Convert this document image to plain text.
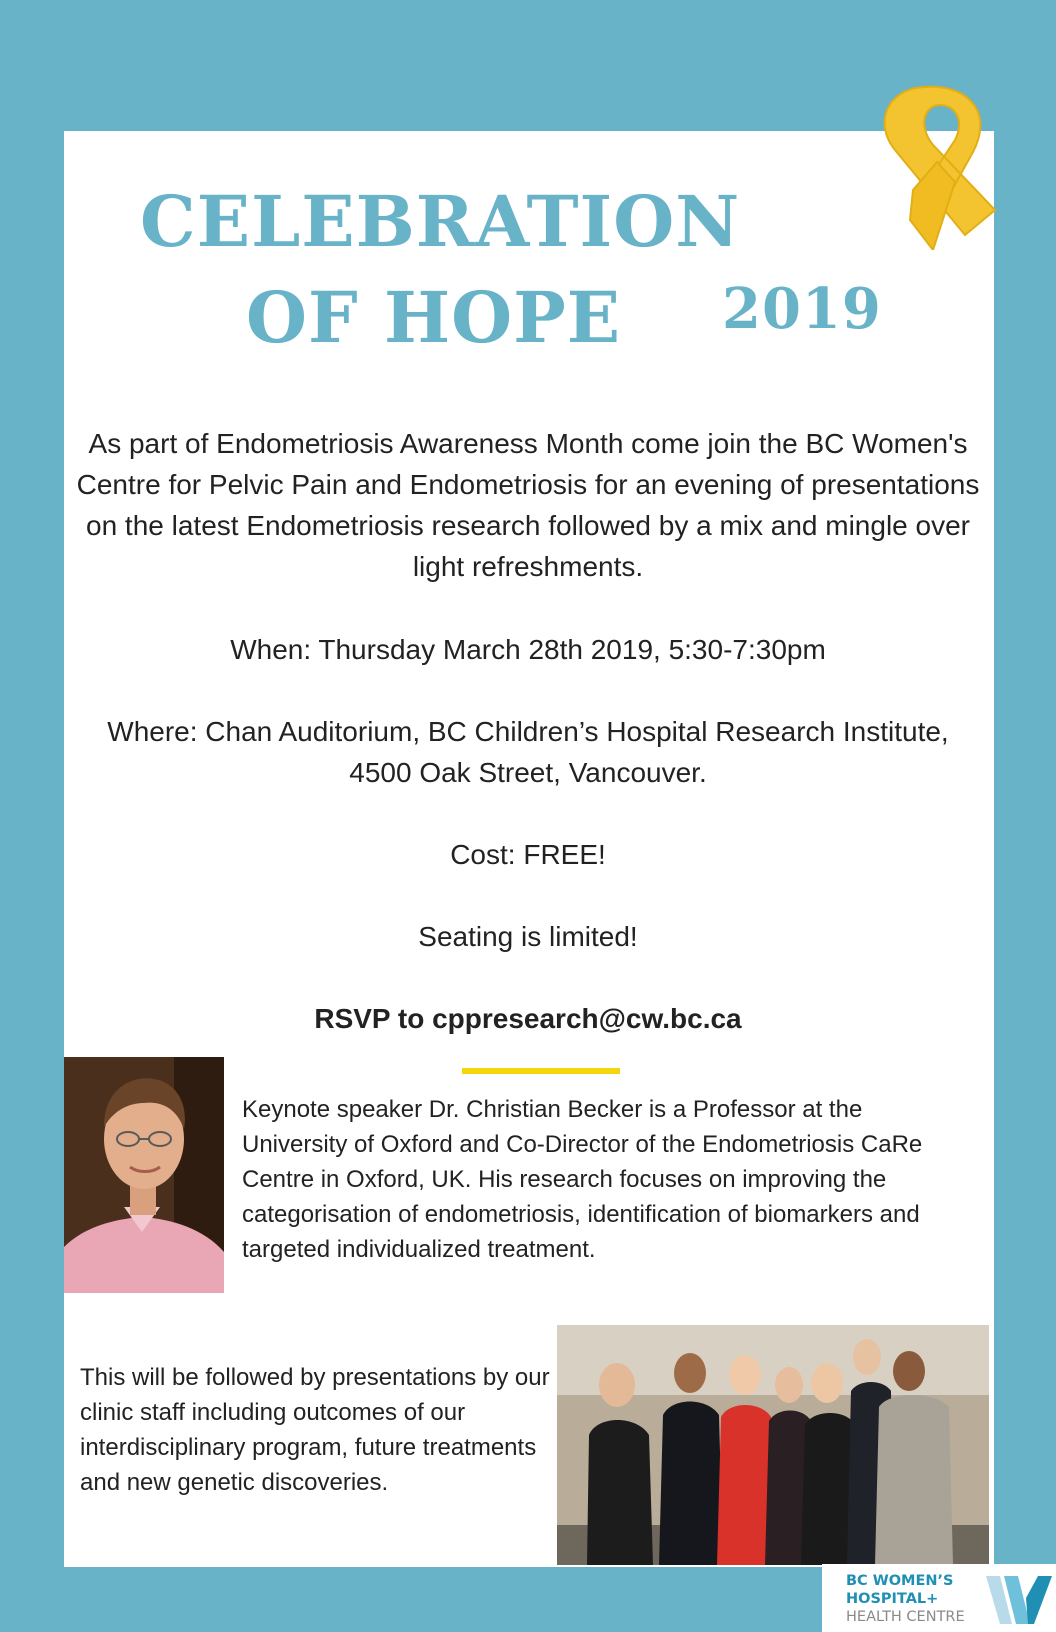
CELEBRATION
OF HOPE 2019

As part of Endometriosis Awareness Month come join the BC Women's Centre for Pelvic Pain and Endometriosis for an evening of presentations on the latest Endometriosis research followed by a mix and mingle over light refreshments.

When: Thursday March 28th 2019, 5:30-7:30pm

Where: Chan Auditorium, BC Children’s Hospital Research Institute,
4500 Oak Street, Vancouver.

Cost: FREE!

Seating is limited!

RSVP to cppresearch@cw.bc.ca

Keynote speaker Dr. Christian Becker is a Professor at the University of Oxford and Co-Director of the Endometriosis CaRe Centre in Oxford, UK. His research focuses on improving the categorisation of endometriosis, identification of biomarkers and targeted individualized treatment.

This will be followed by presentations by our clinic staff including outcomes of our interdisciplinary program, future treatments and new genetic discoveries.

BC WOMEN’S
HOSPITAL+
HEALTH CENTRE
